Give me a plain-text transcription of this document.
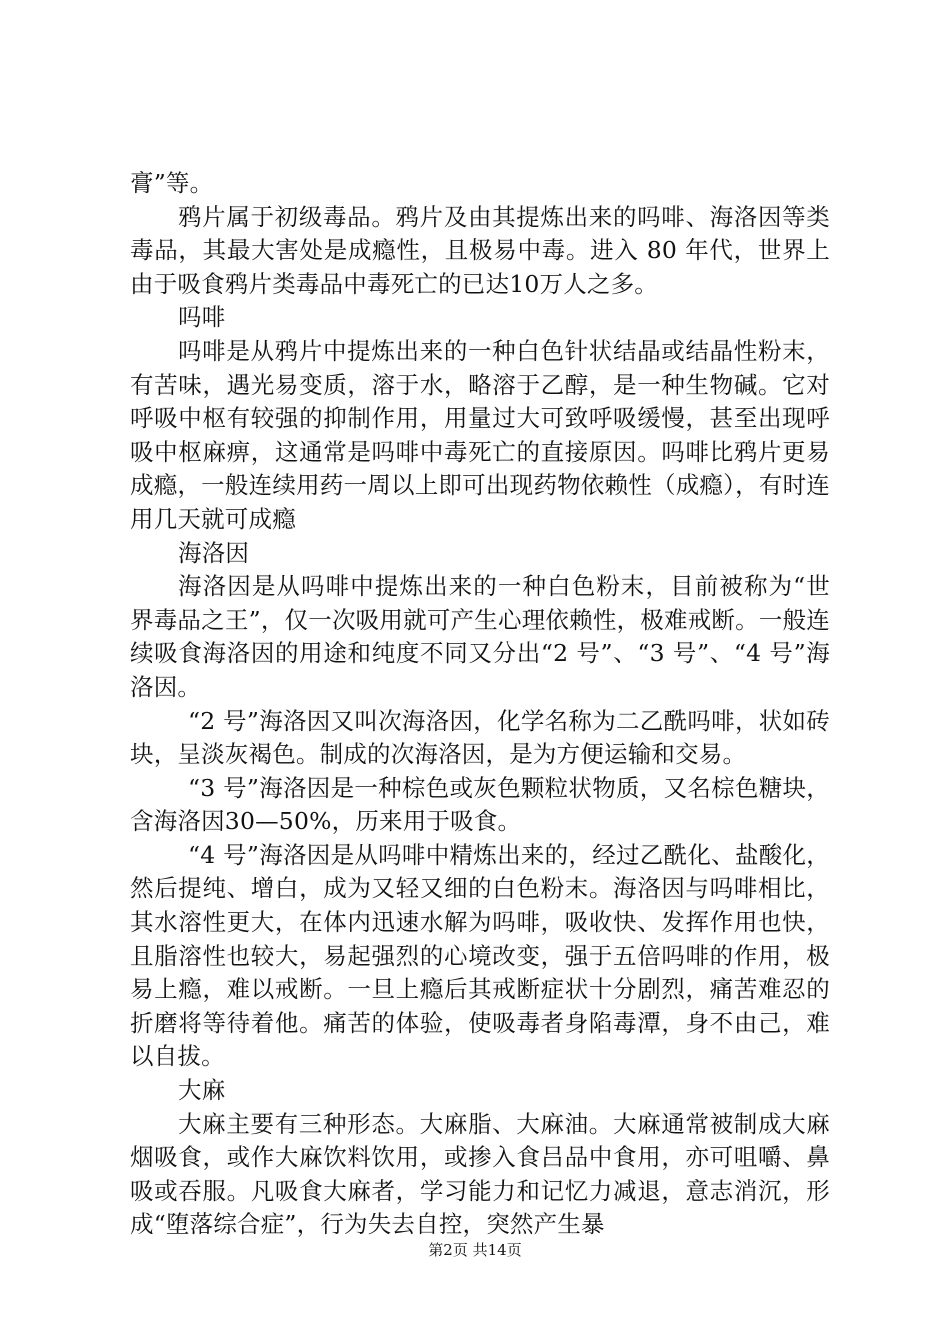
膏”等。

鸦片属于初级毒品。鸦片及由其提炼出来的吗啡、海洛因等类毒品，其最大害处是成瘾性，且极易中毒。进入 80 年代，世界上由于吸食鸦片类毒品中毒死亡的已达10万人之多。

吗啡

吗啡是从鸦片中提炼出来的一种白色针状结晶或结晶性粉末，有苦味，遇光易变质，溶于水，略溶于乙醇，是一种生物碱。它对呼吸中枢有较强的抑制作用，用量过大可致呼吸缓慢，甚至出现呼吸中枢麻痹，这通常是吗啡中毒死亡的直接原因。吗啡比鸦片更易成瘾，一般连续用药一周以上即可出现药物依赖性（成瘾），有时连用几天就可成瘾

海洛因

海洛因是从吗啡中提炼出来的一种白色粉末，目前被称为“世界毒品之王”，仅一次吸用就可产生心理依赖性，极难戒断。一般连续吸食海洛因的用途和纯度不同又分出“2 号”、“3 号”、“4 号”海洛因。

“2 号”海洛因又叫次海洛因，化学名称为二乙酰吗啡，状如砖块，呈淡灰褐色。制成的次海洛因，是为方便运输和交易。

“3 号”海洛因是一种棕色或灰色颗粒状物质，又名棕色糖块，含海洛因30—50%，历来用于吸食。

“4 号”海洛因是从吗啡中精炼出来的，经过乙酰化、盐酸化，然后提纯、增白，成为又轻又细的白色粉末。海洛因与吗啡相比，其水溶性更大，在体内迅速水解为吗啡，吸收快、发挥作用也快，且脂溶性也较大，易起强烈的心境改变，强于五倍吗啡的作用，极易上瘾，难以戒断。一旦上瘾后其戒断症状十分剧烈，痛苦难忍的折磨将等待着他。痛苦的体验，使吸毒者身陷毒潭，身不由己，难以自拔。

大麻

大麻主要有三种形态。大麻脂、大麻油。大麻通常被制成大麻烟吸食，或作大麻饮料饮用，或掺入食吕品中食用，亦可咀嚼、鼻吸或吞服。凡吸食大麻者，学习能力和记忆力减退，意志消沉，形成“堕落综合症”，行为失去自控，突然产生暴

第2页 共14页
